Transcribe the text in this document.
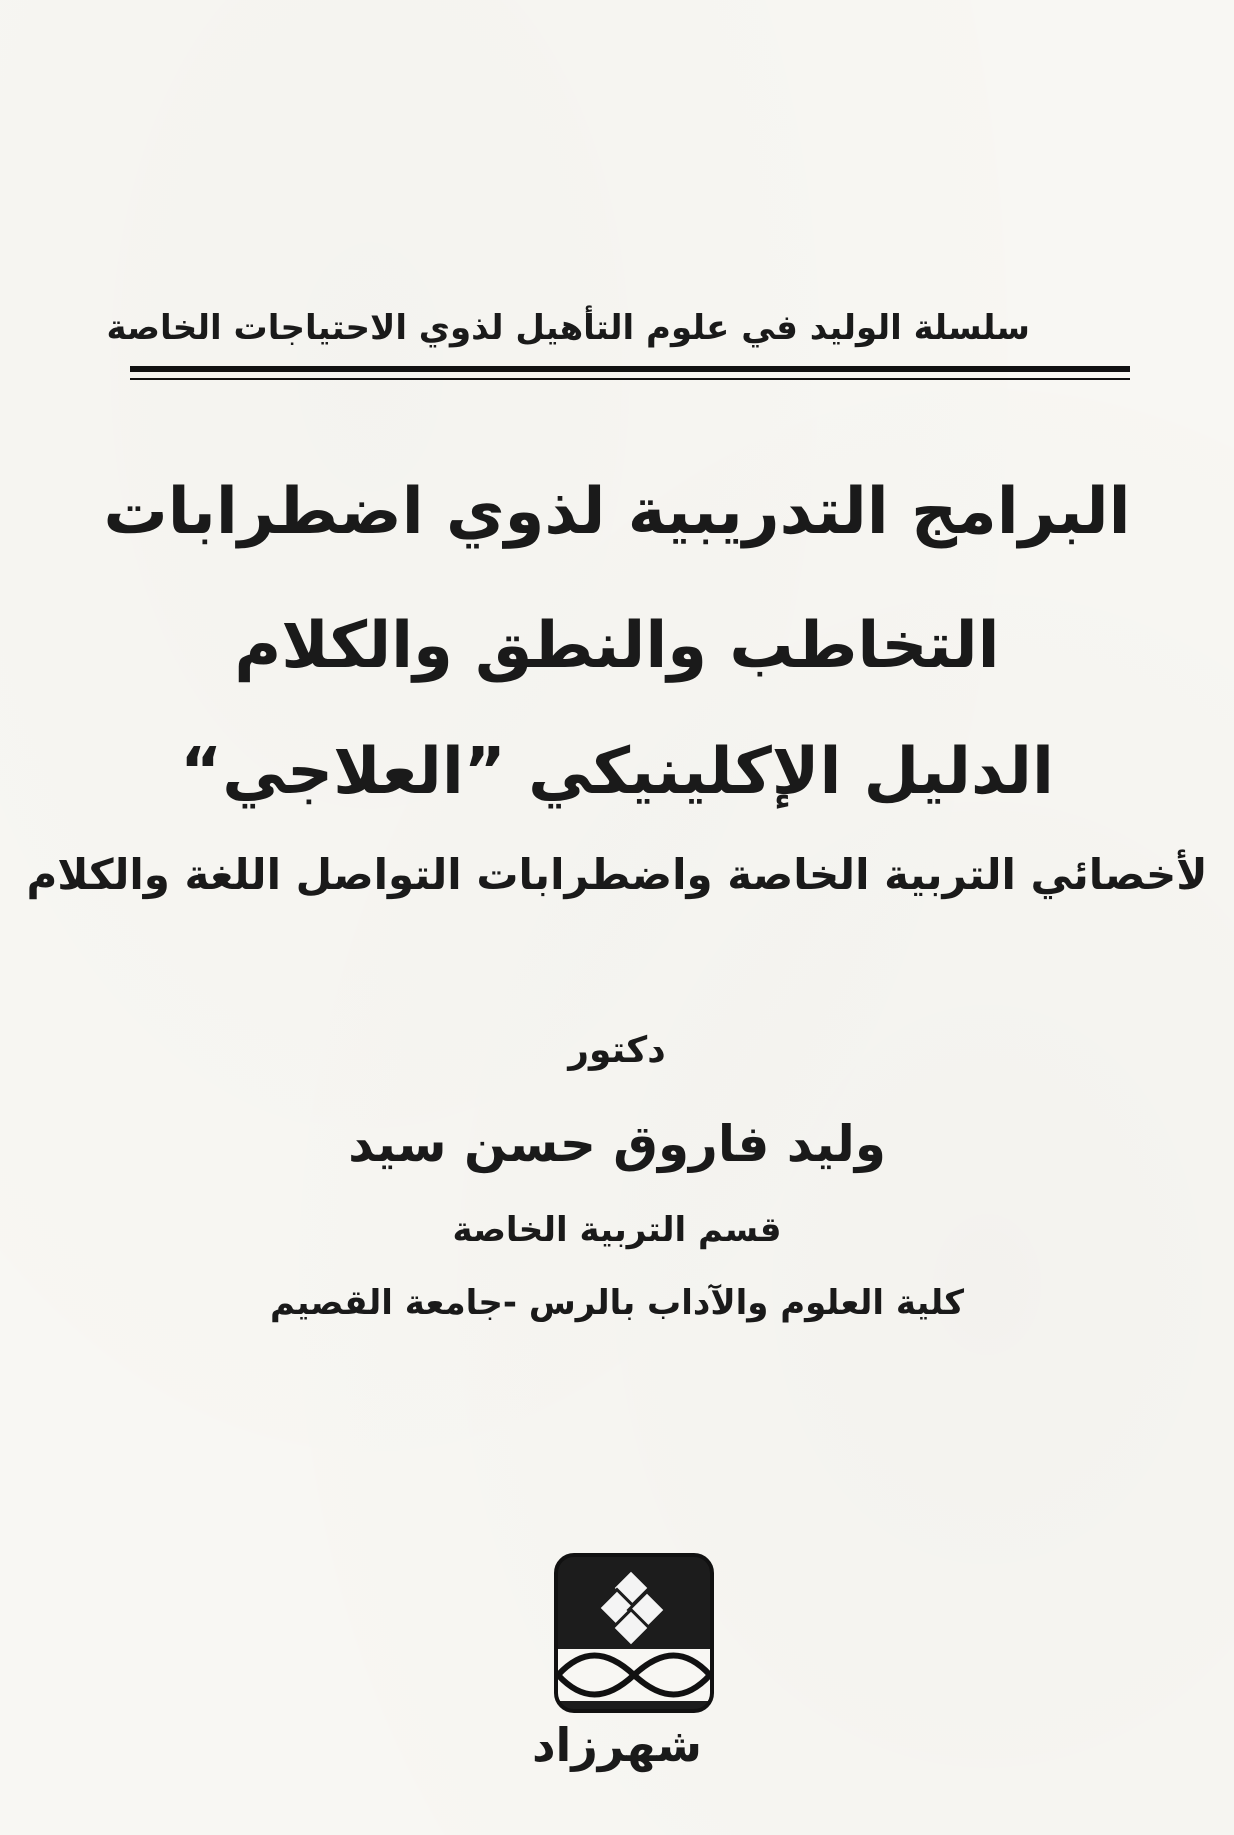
سلسلة الوليد في علوم التأهيل لذوي الاحتياجات الخاصة
البرامج التدريبية لذوي اضطرابات
التخاطب والنطق والكلام
الدليل الإكلينيكي ”العلاجي“
لأخصائي التربية الخاصة واضطرابات التواصل اللغة والكلام
دكتور
وليد فاروق حسن سيد
قسم التربية الخاصة
كلية العلوم والآداب بالرس -جامعة القصيم
شهرزاد
